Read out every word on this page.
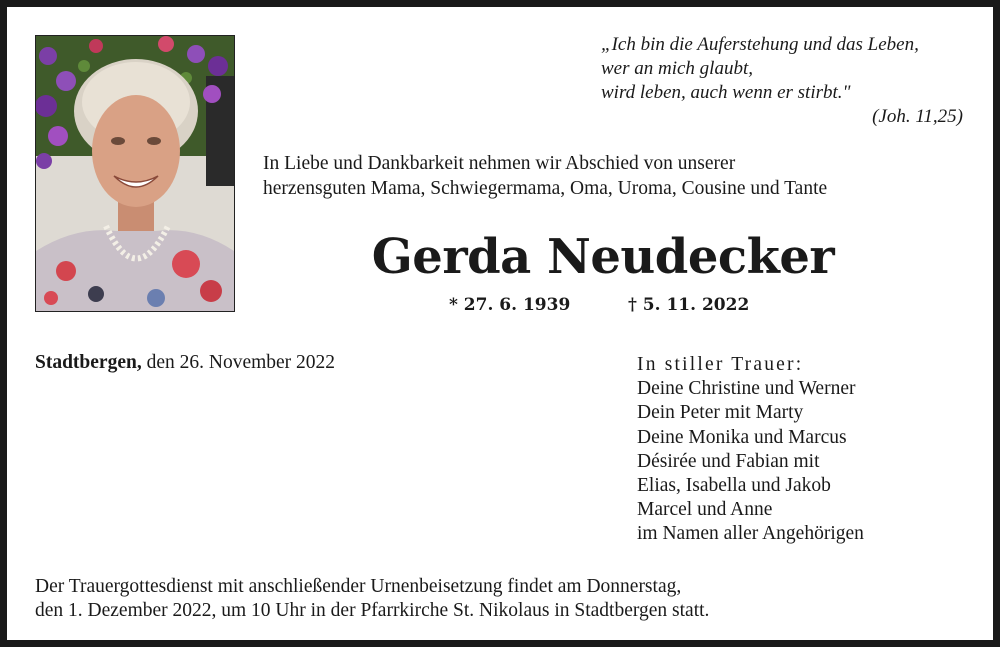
„Ich bin die Auferstehung und das Leben,
wer an mich glaubt,
wird leben, auch wenn er stirbt."
(Joh. 11,25)
In Liebe und Dankbarkeit nehmen wir Abschied von unserer
herzensguten Mama, Schwiegermama, Oma, Uroma, Cousine und Tante
Gerda Neudecker
* 27. 6. 1939	† 5. 11. 2022
Stadtbergen, den 26. November 2022	In stiller Trauer:
Deine Christine und Werner
Dein Peter mit Marty
Deine Monika und Marcus
Désirée und Fabian mit
Elias, Isabella und Jakob
Marcel und Anne
im Namen aller Angehörigen
Der Trauergottesdienst mit anschließender Urnenbeisetzung findet am Donnerstag,
den 1. Dezember 2022, um 10 Uhr in der Pfarrkirche St. Nikolaus in Stadtbergen statt.
